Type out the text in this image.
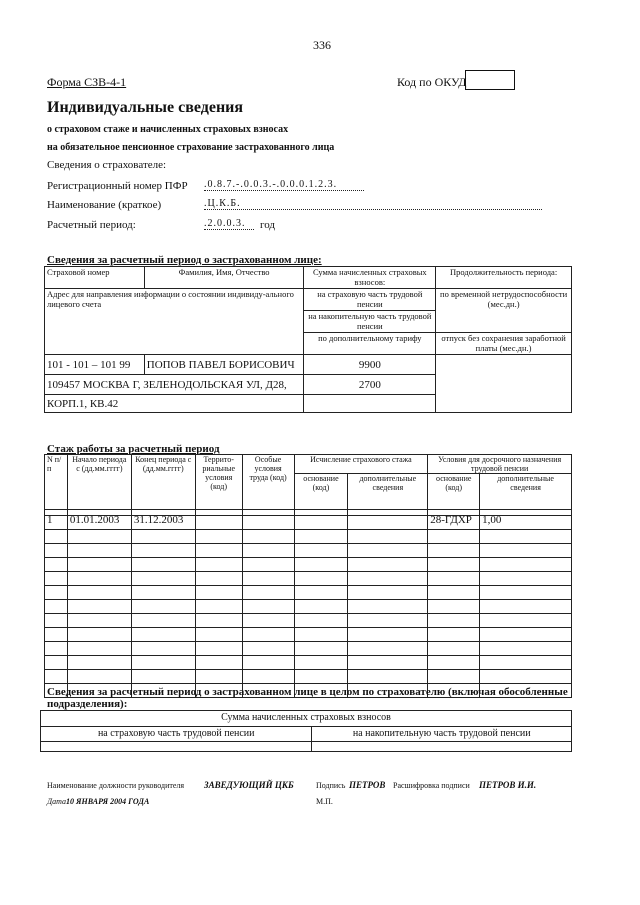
336
Форма СЗВ-4-1	Код по ОКУД
Индивидуальные сведения
о страховом стаже и начисленных страховых взносах
на обязательное пенсионное страхование застрахованного лица
Сведения о страхователе:
Регистрационный номер ПФР .0.8.7.-.0.0.3.-.0.0.0.1.2.3.
Наименование (краткое)	.Ц.К.Б.
Расчетный период:	.2.0.0.3.	год
Сведения за расчетный период о застрахованном лице:
Страховой номер	Фамилия, Имя, Отчество	Сумма начисленных страховых взносов:	Продолжительность периода:
Адрес для направления информации о состоянии индивиду-ального лицевого счета		на страховую часть трудовой пенсии	по временной нетрудоспособности (мес.дн.)
		на накопительную часть трудовой пенсии	
		по дополнительному тарифу	отпуск без сохранения заработной платы (мес.дн.)
101 - 101 – 101 99	ПОПОВ ПАВЕЛ БОРИСОВИЧ	9900	
109457 МОСКВА Г, ЗЕЛЕНОДОЛЬСКАЯ УЛ, Д28,		2700	
КОРП.1, КВ.42			
Стаж работы за расчетный период
N п/п	Начало периода с (дд.мм.гггг)	Конец периода с (дд.мм.гггг)	Террито-риальные условия (код)	Особые условия труда (код)	Исчисление страхового стажа		Условия для досрочного назначения трудовой пенсии	
					основание (код)	дополнительные сведения	основание (код)	дополнительные сведения

1	01.01.2003	31.12.2003					28-ГДХР	1,00

Сведения за расчетный период о застрахованном лице в целом по страхователю (включая обособленные подразделения):
Сумма начисленных страховых взносов	
на страховую часть трудовой пенсии	на накопительную часть трудовой пенсии

Наименование должности руководителя ЗАВЕДУЮЩИЙ ЦКБ	Подпись ПЕТРОВ Расшифровка подписи ПЕТРОВ И.И.
Дата 10 ЯНВАРЯ 2004 ГОДА	М.П.
